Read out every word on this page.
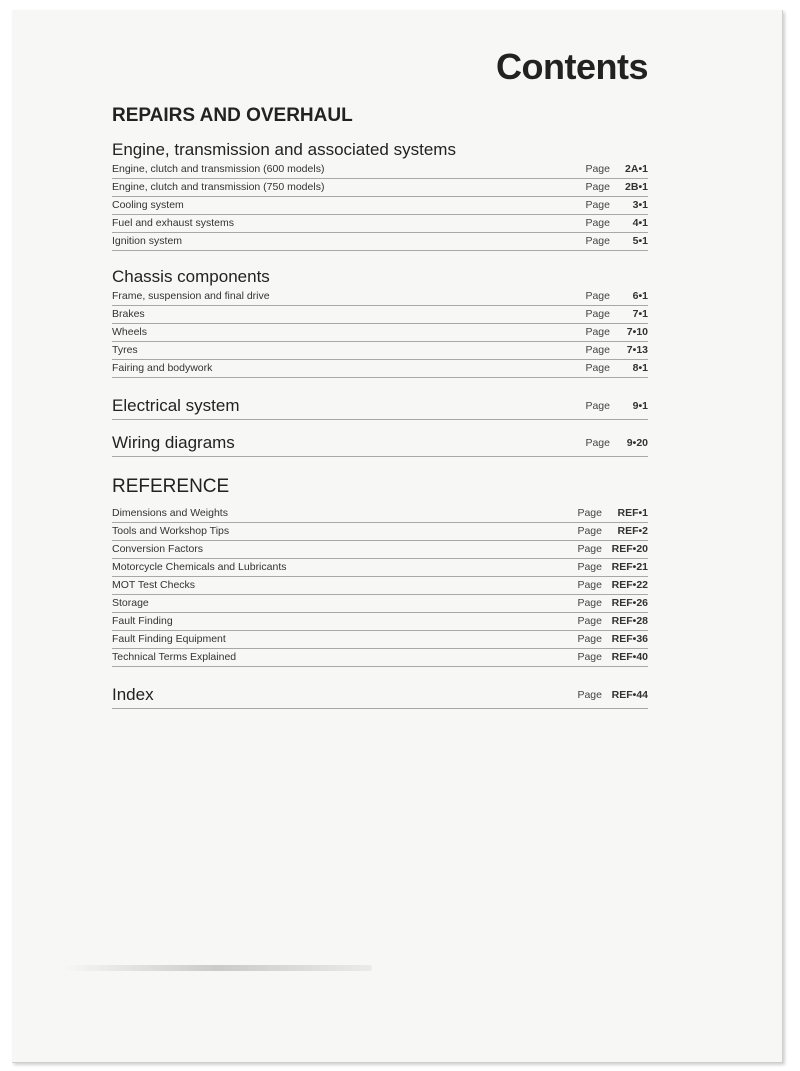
Contents
REPAIRS AND OVERHAUL
Engine, transmission and associated systems
Engine, clutch and transmission (600 models)	Page 2A•1
Engine, clutch and transmission (750 models)	Page 2B•1
Cooling system	Page 3•1
Fuel and exhaust systems	Page 4•1
Ignition system	Page 5•1
Chassis components
Frame, suspension and final drive	Page 6•1
Brakes	Page 7•1
Wheels	Page 7•10
Tyres	Page 7•13
Fairing and bodywork	Page 8•1
Electrical system	Page 9•1
Wiring diagrams	Page 9•20
REFERENCE
Dimensions and Weights	Page REF•1
Tools and Workshop Tips	Page REF•2
Conversion Factors	Page REF•20
Motorcycle Chemicals and Lubricants	Page REF•21
MOT Test Checks	Page REF•22
Storage	Page REF•26
Fault Finding	Page REF•28
Fault Finding Equipment	Page REF•36
Technical Terms Explained	Page REF•40
Index	Page REF•44
